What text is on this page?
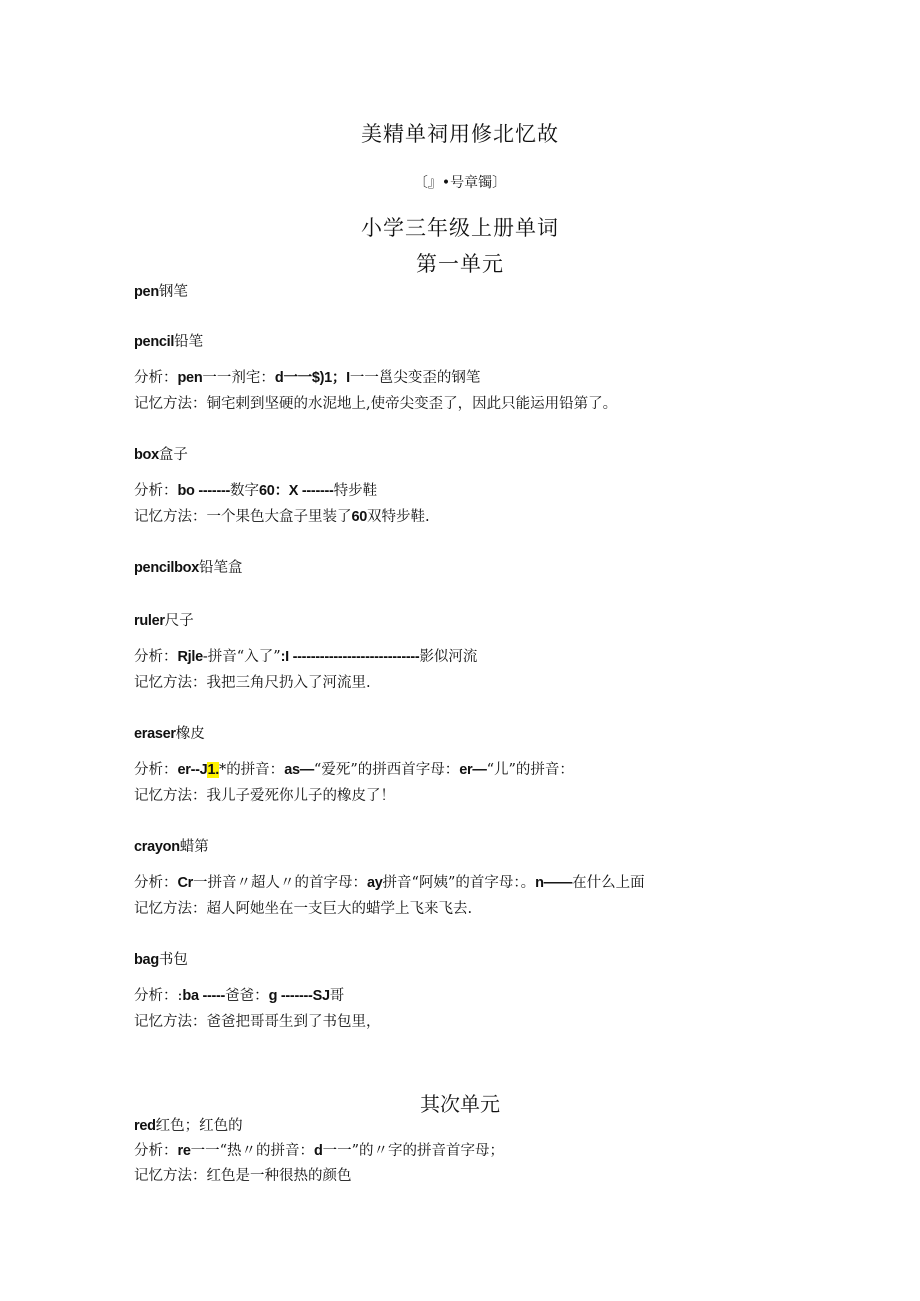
美精单祠用修北忆故
〔』•号章镯〕
小学三年级上册单词
第一单元
pen钢笔
pencil铅笔
分析：pen一一剂宅：d一一$)1；I一一邕尖变歪的钢笔
记忆方法：铜宅剌到坚硬的水泥地上,使帝尖变歪了，因此只能运用铅第了。
box盒子
分析：bo -------数字60：X -------特步鞋
记忆方法：一个果色大盒子里装了60双特步鞋.
pencilbox铅笔盒
ruler尺子
分析：Rjle-拼音“入了”:I ----------------------------影似河流
记忆方法：我把三角尺扔入了河流里.
eraser橡皮
分析：er--J1.*的拼音：as—“爱死”的拼西首字母：er—“儿”的拼音：
记忆方法：我儿子爱死你儿子的橡皮了！
crayon蜡第
分析：Cr一拼音〃超人〃的首字母：ay拼音“阿姨”的首字母：。n——在什么上面
记忆方法：超人阿她坐在一支巨大的蜡学上飞来飞去.
bag书包
分析：:ba -----爸爸：g -------SJ哥
记忆方法：爸爸把哥哥生到了书包里，
其次单元
red红色；红色的
分析：re一一“热〃的拼音：d一一”的〃字的拼音首字母；
记忆方法：红色是一种很热的颜色
